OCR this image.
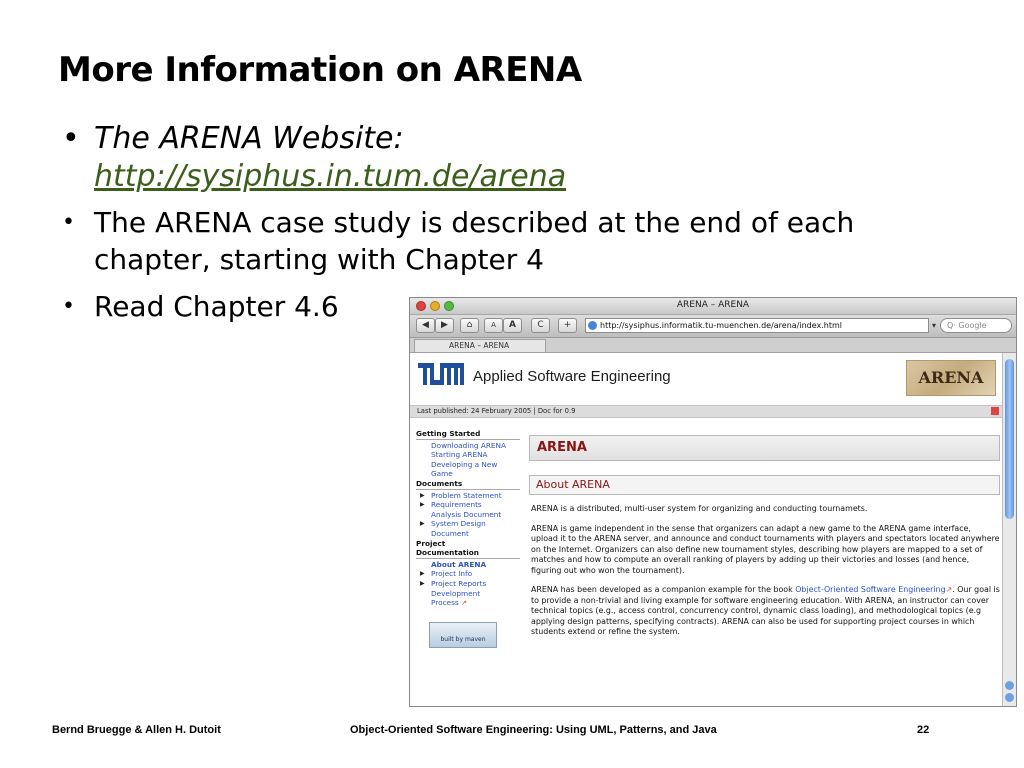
More Information on ARENA
• The ARENA Website:
http://sysiphus.in.tum.de/arena
• The ARENA case study is described at the end of each chapter, starting with Chapter 4
• Read Chapter 4.6	ARENA – ARENA
◀	▶	⌂	A	A	C	+	http://sysiphus.informatik.tu-muenchen.de/arena/index.html	▾	Q· Google
ARENA – ARENA
Applied Software Engineering	ARENA
Last published: 24 February 2005 | Doc for 0.9
Getting Started
Downloading ARENA
Starting ARENA
Developing a New
Game
Documents
▶ Problem Statement
▶ Requirements
Analysis Document
▶ System Design
Document
Project
Documentation
About ARENA
▶ Project Info
▶ Project Reports
Development
Process ↗
built by maven
ARENA
About ARENA
ARENA is a distributed, multi-user system for organizing and conducting tournamets.
ARENA is game independent in the sense that organizers can adapt a new game to the ARENA game interface, upload it to the ARENA server, and announce and conduct tournaments with players and spectators located anywhere on the Internet. Organizers can also define new tournament styles, describing how players are mapped to a set of matches and how to compute an overall ranking of players by adding up their victories and losses (and hence, figuring out who won the tournament).
ARENA has been developed as a companion example for the book Object-Oriented Software Engineering↗. Our goal is to provide a non-trivial and living example for software engineering education. With ARENA, an instructor can cover technical topics (e.g., access control, concurrency control, dynamic class loading), and methodological topics (e.g applying design patterns, specifying contracts). ARENA can also be used for supporting project courses in which students extend or refine the system.
Bernd Bruegge & Allen H. Dutoit	Object-Oriented Software Engineering: Using UML, Patterns, and Java	22
